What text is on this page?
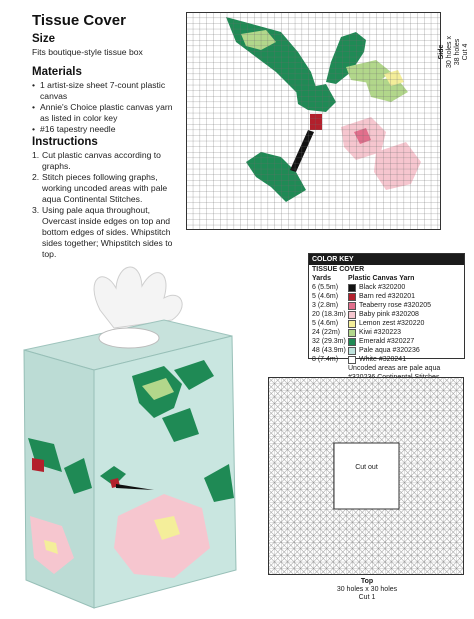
Tissue Cover
Size
Fits boutique-style tissue box
Materials
• 1 artist-size sheet 7-count plastic canvas
• Annie's Choice plastic canvas yarn as listed in color key
• #16 tapestry needle
Instructions
1. Cut plastic canvas according to graphs.
2. Stitch pieces following graphs, working uncoded areas with pale aqua Continental Stitches.
3. Using pale aqua throughout, Overcast inside edges on top and bottom edges of sides. Whipstitch sides together; Whipstitch sides to top.
Side 30 holes x 38 holes Cut 4
COLOR KEY
TISSUE COVER
Yards	Plastic Canvas Yarn
6 (5.5m)	Black #320200
5 (4.6m)	Barn red #320201
3 (2.8m)	Teaberry rose #320205
20 (18.3m)	Baby pink #320208
5 (4.6m)	Lemon zest #320220
24 (22m)	Kiwi #320223
32 (29.3m)	Emerald #320227
48 (43.9m)	Pale aqua #320236
8 (7.4m)	White #320241
Uncoded areas are pale aqua
Cut out
Top
30 holes x 30 holes
Cut 1
